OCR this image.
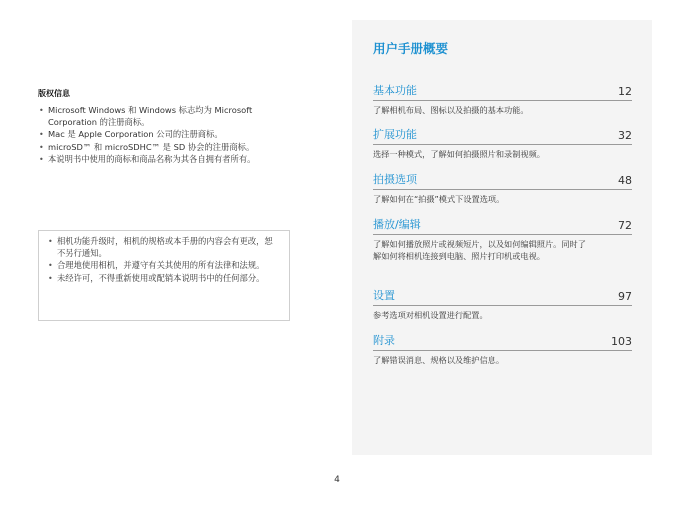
版权信息

• Microsoft Windows 和 Windows 标志均为 Microsoft Corporation 的注册商标。
• Mac 是 Apple Corporation 公司的注册商标。
• microSD™ 和 microSDHC™ 是 SD 协会的注册商标。
• 本说明书中使用的商标和商品名称为其各自拥有者所有。
• 相机功能升级时，相机的规格或本手册的内容会有更改，恕不另行通知。
• 合理地使用相机，并遵守有关其使用的所有法律和法规。
• 未经许可，不得重新使用或配销本说明书中的任何部分。
用户手册概要
基本功能	12
了解相机布局、图标以及拍摄的基本功能。
扩展功能	32
选择一种模式，了解如何拍摄照片和录制视频。
拍摄选项	48
了解如何在“拍摄”模式下设置选项。
播放/编辑	72
了解如何播放照片或视频短片，以及如何编辑照片。同时了解如何将相机连接到电脑、照片打印机或电视。
设置	97
参考选项对相机设置进行配置。
附录	103
了解错误消息、规格以及维护信息。
4
